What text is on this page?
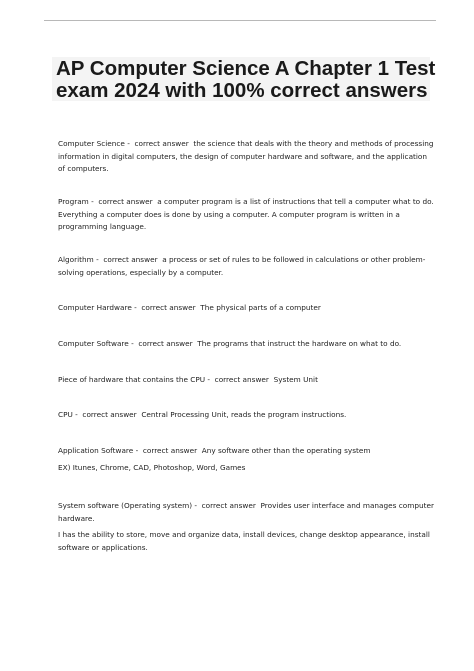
AP Computer Science A Chapter 1 Test
exam 2024 with 100% correct answers

Computer Science -  correct answer  the science that deals with the theory and methods of processing information in digital computers, the design of computer hardware and software, and the application of computers.

Program -  correct answer  a computer program is a list of instructions that tell a computer what to do. Everything a computer does is done by using a computer. A computer program is written in a programming language.

Algorithm -  correct answer  a process or set of rules to be followed in calculations or other problem-solving operations, especially by a computer.

Computer Hardware -  correct answer  The physical parts of a computer

Computer Software -  correct answer  The programs that instruct the hardware on what to do.

Piece of hardware that contains the CPU -  correct answer  System Unit

CPU -  correct answer  Central Processing Unit, reads the program instructions.

Application Software -  correct answer  Any software other than the operating system

EX) Itunes, Chrome, CAD, Photoshop, Word, Games

System software (Operating system) -  correct answer  Provides user interface and manages computer hardware.

I has the ability to store, move and organize data, install devices, change desktop appearance, install software or applications.
